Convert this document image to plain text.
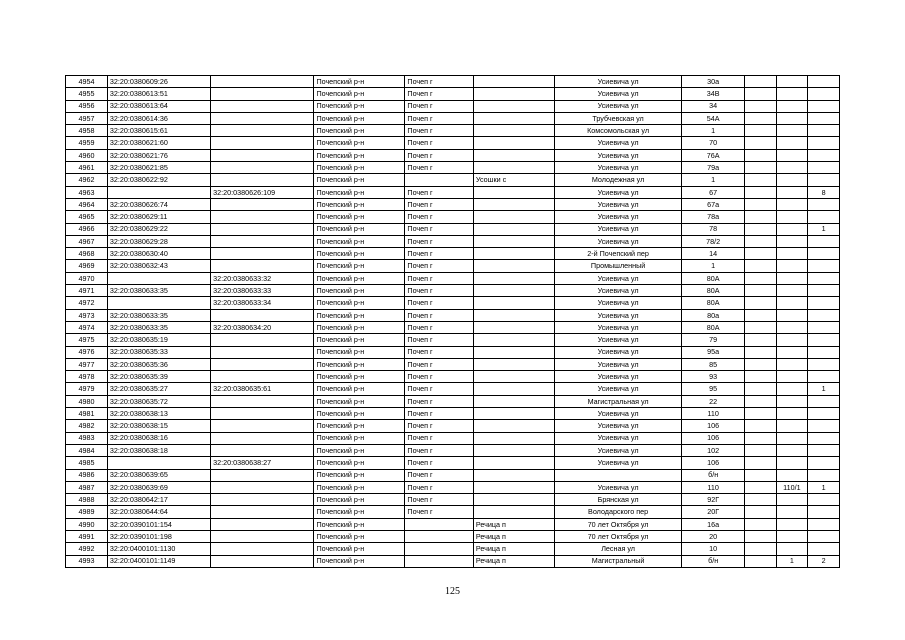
4954	32:20:0380609:26		Почепский р-н	Почеп г		Усиевича ул	30а			
4955	32:20:0380613:51		Почепский р-н	Почеп г		Усиевича ул	34В			
4956	32:20:0380613:64		Почепский р-н	Почеп г		Усиевича ул	34			
4957	32:20:0380614:36		Почепский р-н	Почеп г		Трубчевская ул	54А			
4958	32:20:0380615:61		Почепский р-н	Почеп г		Комсомольская ул	1			
4959	32:20:0380621:60		Почепский р-н	Почеп г		Усиевича ул	70			
4960	32:20:0380621:76		Почепский р-н	Почеп г		Усиевича ул	76А			
4961	32:20:0380621:85		Почепский р-н	Почеп г		Усиевича ул	79а			
4962	32:20:0380622:92		Почепский р-н		Усошки с	Молодежная ул	1			
4963		32:20:0380626:109	Почепский р-н	Почеп г		Усиевича ул	67			8
4964	32:20:0380626:74		Почепский р-н	Почеп г		Усиевича ул	67а			
4965	32:20:0380629:11		Почепский р-н	Почеп г		Усиевича ул	78а			
4966	32:20:0380629:22		Почепский р-н	Почеп г		Усиевича ул	78			1
4967	32:20:0380629:28		Почепский р-н	Почеп г		Усиевича ул	78/2			
4968	32:20:0380630:40		Почепский р-н	Почеп г		2-й Почепский пер	14			
4969	32:20:0380632:43		Почепский р-н	Почеп г		Промышленный	1			
4970		32:20:0380633:32	Почепский р-н	Почеп г		Усиевича ул	80А			
4971	32:20:0380633:35	32:20:0380633:33	Почепский р-н	Почеп г		Усиевича ул	80А			
4972		32:20:0380633:34	Почепский р-н	Почеп г		Усиевича ул	80А			
4973	32:20:0380633:35		Почепский р-н	Почеп г		Усиевича ул	80а			
4974	32:20:0380633:35	32:20:0380634:20	Почепский р-н	Почеп г		Усиевича ул	80А			
4975	32:20:0380635:19		Почепский р-н	Почеп г		Усиевича ул	79			
4976	32:20:0380635:33		Почепский р-н	Почеп г		Усиевича ул	95а			
4977	32:20:0380635:36		Почепский р-н	Почеп г		Усиевича ул	85			
4978	32:20:0380635:39		Почепский р-н	Почеп г		Усиевича ул	93			
4979	32:20:0380635:27	32:20:0380635:61	Почепский р-н	Почеп г		Усиевича ул	95			1
4980	32:20:0380635:72		Почепский р-н	Почеп г		Магистральная ул	22			
4981	32:20:0380638:13		Почепский р-н	Почеп г		Усиевича ул	110			
4982	32:20:0380638:15		Почепский р-н	Почеп г		Усиевича ул	106			
4983	32:20:0380638:16		Почепский р-н	Почеп г		Усиевича ул	106			
4984	32:20:0380638:18		Почепский р-н	Почеп г		Усиевича ул	102			
4985		32:20:0380638:27	Почепский р-н	Почеп г		Усиевича ул	106			
4986	32:20:0380639:65		Почепский р-н	Почеп г			б/н			
4987	32:20:0380639:69		Почепский р-н	Почеп г		Усиевича ул	110		110/1	1
4988	32:20:0380642:17		Почепский р-н	Почеп г		Брянская ул	92Г			
4989	32:20:0380644:64		Почепский р-н	Почеп г		Володарского пер	20Г			
4990	32:20:0390101:154		Почепский р-н		Речица п	70 лет Октября ул	16а			
4991	32:20:0390101:198		Почепский р-н		Речица п	70 лет Октября ул	20			
4992	32:20:0400101:1130		Почепский р-н		Речица п	Лесная ул	10			
4993	32:20:0400101:1149		Почепский р-н		Речица п	Магистральный	б/н		1	2
125
